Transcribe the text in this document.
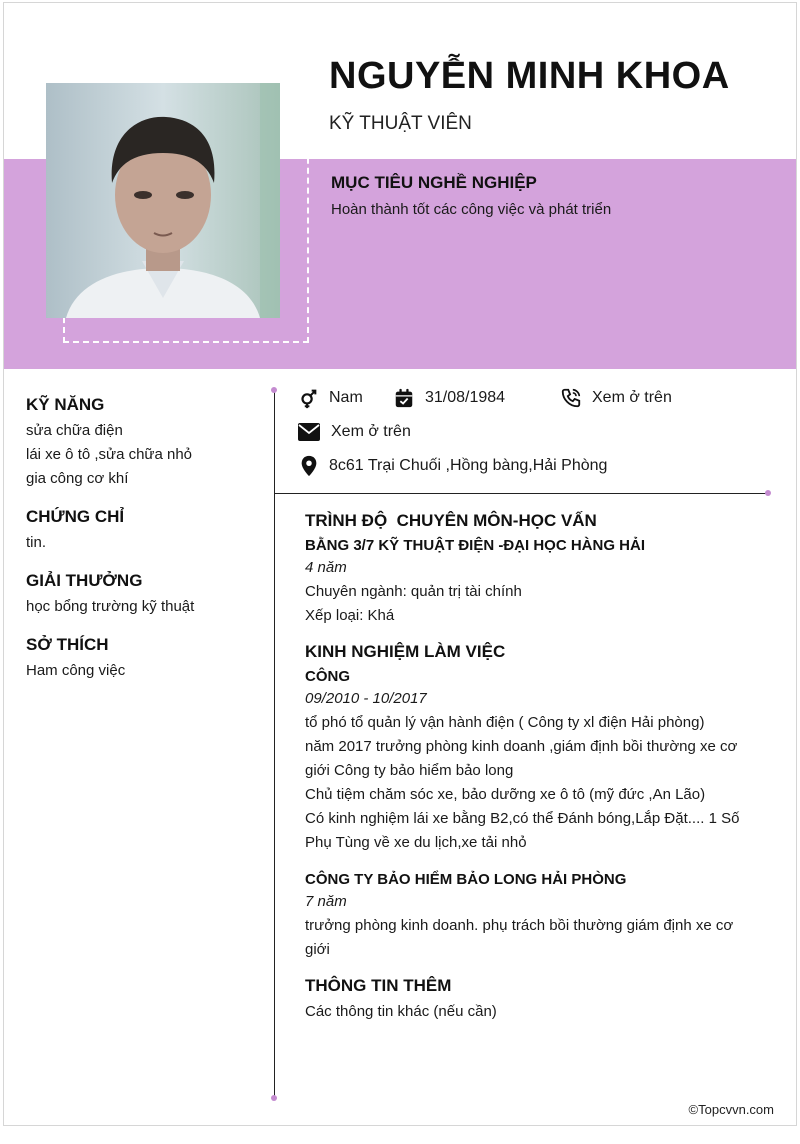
NGUYỄN MINH KHOA
KỸ THUẬT VIÊN
MỤC TIÊU NGHỀ NGHIỆP

Hoàn thành tốt các công việc và phát triển

KỸ NĂNG
sửa chữa điện
lái xe ô tô ,sửa chữa nhỏ
gia công cơ khí
CHỨNG CHỈ
tin.
GIẢI THƯỞNG
học bổng trường kỹ thuật
SỞ THÍCH
Ham công việc
Nam	31/08/1984	Xem ở trên
Xem ở trên
8c61 Trại Chuối ,Hồng bàng,Hải Phòng
TRÌNH ĐỘ  CHUYÊN MÔN-HỌC VẤN
BẰNG 3/7 KỸ THUẬT ĐIỆN -ĐẠI HỌC HÀNG HẢI
4 năm
Chuyên ngành: quản trị tài chính
Xếp loại: Khá
KINH NGHIỆM LÀM VIỆC
CÔNG
09/2010 - 10/2017
tổ phó tổ quản lý vận hành điện ( Công ty xl điện Hải phòng)
năm 2017 trưởng phòng kinh doanh ,giám định bồi thường xe cơ
giới Công ty bảo hiểm bảo long
Chủ tiệm chăm sóc xe, bảo dưỡng xe ô tô (mỹ đức ,An Lão)
Có kinh nghiệm lái xe bằng B2,có thể Đánh bóng,Lắp Đặt.... 1 Số
Phụ Tùng về xe du lịch,xe tải nhỏ
CÔNG TY BẢO HIỂM BẢO LONG HẢI PHÒNG
7 năm
trưởng phòng kinh doanh. phụ trách bồi thường giám định xe cơ
giới
THÔNG TIN THÊM
Các thông tin khác (nếu cần)
©Topcvvn.com
